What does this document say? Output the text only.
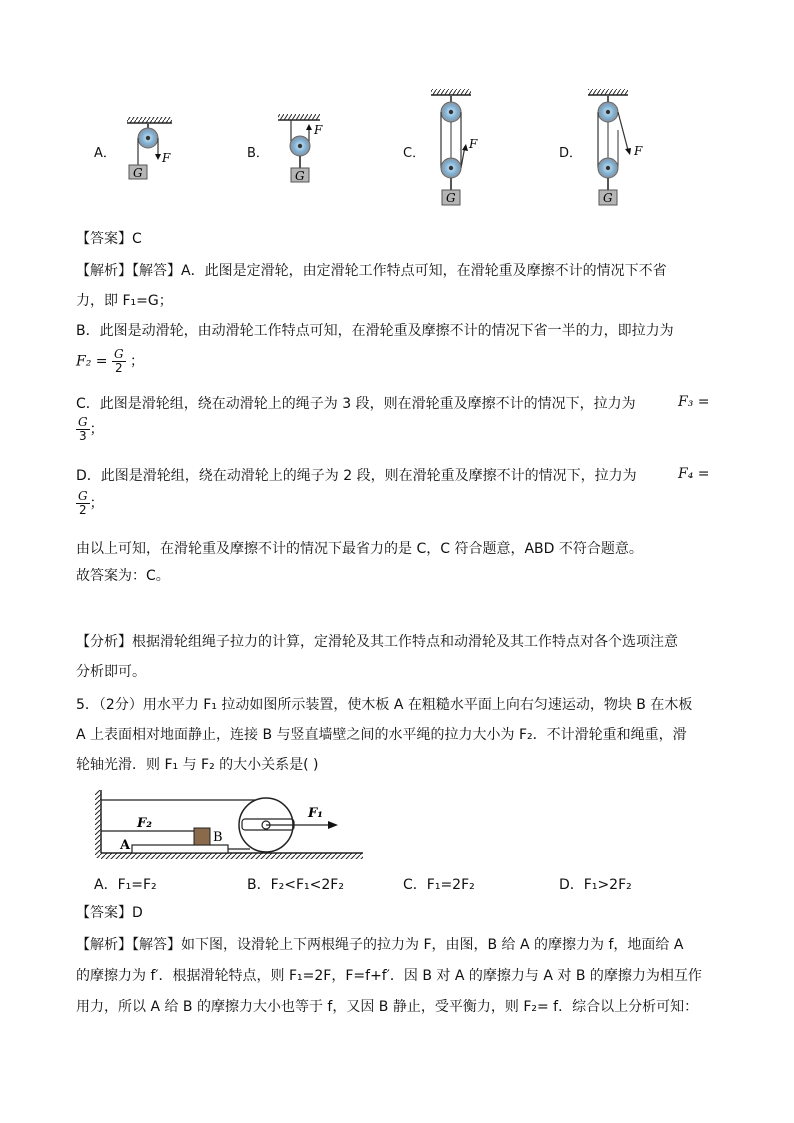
A．	B．	C．	D．
G
F
G
F
G
F
G
F
【答案】C
【解析】【解答】A．此图是定滑轮，由定滑轮工作特点可知，在滑轮重及摩擦不计的情况下不省
力，即 F₁=G；
B．此图是动滑轮，由动滑轮工作特点可知，在滑轮重及摩擦不计的情况下省一半的力，即拉力为
$F_2 = \frac{G}{2}$ ；
C．此图是滑轮组，绕在动滑轮上的绳子为 3 段，则在滑轮重及摩擦不计的情况下，拉力为	F₃ =
$\frac{G}{3}$ ；
D．此图是滑轮组，绕在动滑轮上的绳子为 2 段，则在滑轮重及摩擦不计的情况下，拉力为	F₄ =
$\frac{G}{2}$ ；
由以上可知，在滑轮重及摩擦不计的情况下最省力的是 C，C 符合题意，ABD 不符合题意。
故答案为：C。
【分析】根据滑轮组绳子拉力的计算，定滑轮及其工作特点和动滑轮及其工作特点对各个选项注意
分析即可。
5．（2分）用水平力 F₁ 拉动如图所示装置，使木板 A 在粗糙水平面上向右匀速运动，物块 B 在木板
A 上表面相对地面静止，连接 B 与竖直墙壁之间的水平绳的拉力大小为 F₂．不计滑轮重和绳重，滑
轮轴光滑．则 F₁ 与 F₂ 的大小关系是( )
F₁
F₂
B
A
A．F₁=F₂	B．F₂<F₁<2F₂	C．F₁=2F₂	D．F₁>2F₂
【答案】D
【解析】【解答】如下图，设滑轮上下两根绳子的拉力为 F，由图，B 给 A 的摩擦力为 f，地面给 A
的摩擦力为 f′．根据滑轮特点，则 F₁=2F，F=f+f′．因 B 对 A 的摩擦力与 A 对 B 的摩擦力为相互作
用力，所以 A 给 B 的摩擦力大小也等于 f，又因 B 静止，受平衡力，则 F₂= f．综合以上分析可知：
